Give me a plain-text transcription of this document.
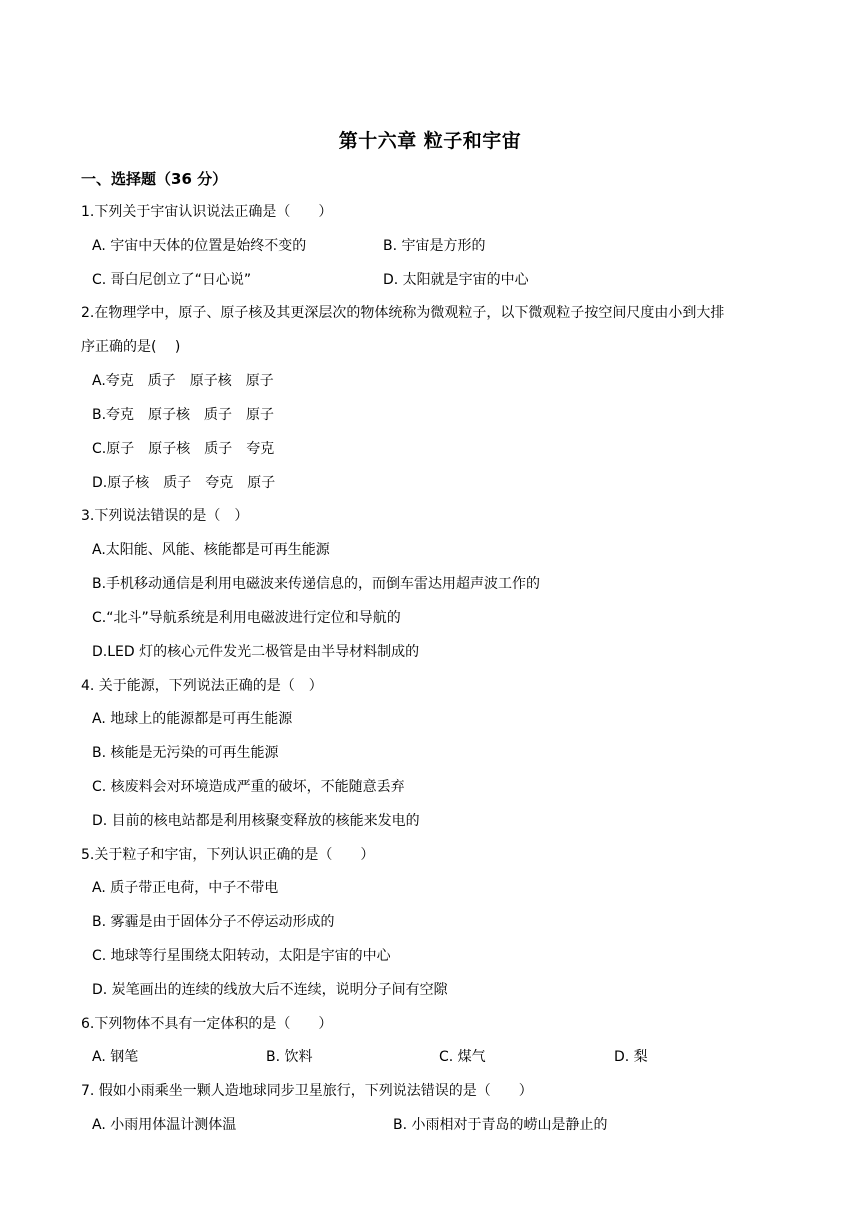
第十六章 粒子和宇宙
一、选择题（36 分）
1.下列关于宇宙认识说法正确是（　　）
A. 宇宙中天体的位置是始终不变的	B. 宇宙是方形的
C. 哥白尼创立了“日心说”	D. 太阳就是宇宙的中心
2.在物理学中，原子、原子核及其更深层次的物体统称为微观粒子，以下微观粒子按空间尺度由小到大排
序正确的是(　 )
A.夸克　质子　原子核　原子
B.夸克　原子核　质子　原子
C.原子　原子核　质子　夸克
D.原子核　质子　夸克　原子
3.下列说法错误的是（　）
A.太阳能、风能、核能都是可再生能源
B.手机移动通信是利用电磁波来传递信息的，而倒车雷达用超声波工作的
C.“北斗”导航系统是利用电磁波进行定位和导航的
D.LED 灯的核心元件发光二极管是由半导材料制成的
4. 关于能源，下列说法正确的是（　）
A. 地球上的能源都是可再生能源
B. 核能是无污染的可再生能源
C. 核废料会对环境造成严重的破坏，不能随意丢弃
D. 目前的核电站都是利用核聚变释放的核能来发电的
5.关于粒子和宇宙，下列认识正确的是（　　）
A. 质子带正电荷，中子不带电
B. 雾霾是由于固体分子不停运动形成的
C. 地球等行星围绕太阳转动，太阳是宇宙的中心
D. 炭笔画出的连续的线放大后不连续，说明分子间有空隙
6.下列物体不具有一定体积的是（　　）
A. 钢笔	B. 饮料	C. 煤气	D. 梨
7. 假如小雨乘坐一颗人造地球同步卫星旅行，下列说法错误的是（　　）
A. 小雨用体温计测体温	B. 小雨相对于青岛的崂山是静止的
